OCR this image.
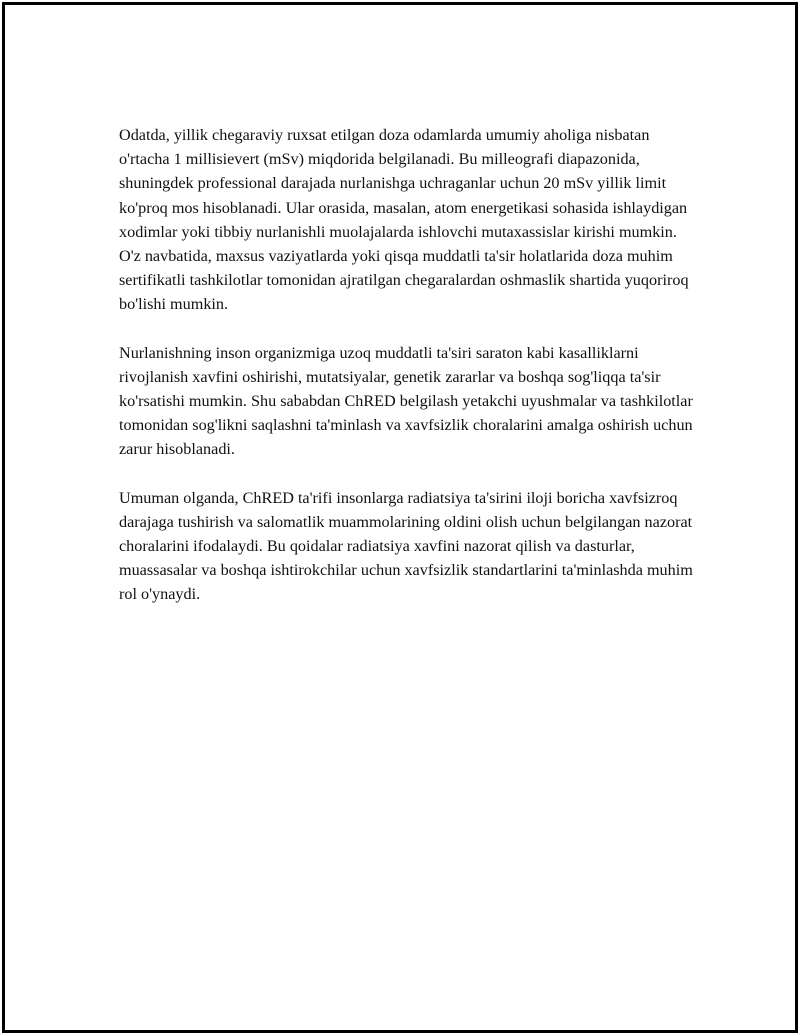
Odatda, yillik chegaraviy ruxsat etilgan doza odamlarda umumiy aholiga nisbatan o'rtacha 1 millisievert (mSv) miqdorida belgilanadi. Bu milleografi diapazonida, shuningdek professional darajada nurlanishga uchraganlar uchun 20 mSv yillik limit ko'proq mos hisoblanadi. Ular orasida, masalan, atom energetikasi sohasida ishlaydigan xodimlar yoki tibbiy nurlanishli muolajalarda ishlovchi mutaxassislar kirishi mumkin. O'z navbatida, maxsus vaziyatlarda yoki qisqa muddatli ta'sir holatlarida doza muhim sertifikatli tashkilotlar tomonidan ajratilgan chegaralardan oshmaslik shartida yuqoriroq bo'lishi mumkin.

Nurlanishning inson organizmiga uzoq muddatli ta'siri saraton kabi kasalliklarni rivojlanish xavfini oshirishi, mutatsiyalar, genetik zararlar va boshqa sog'liqqa ta'sir ko'rsatishi mumkin. Shu sababdan ChRED belgilash yetakchi uyushmalar va tashkilotlar tomonidan sog'likni saqlashni ta'minlash va xavfsizlik choralarini amalga oshirish uchun zarur hisoblanadi.

Umuman olganda, ChRED ta'rifi insonlarga radiatsiya ta'sirini iloji boricha xavfsizroq darajaga tushirish va salomatlik muammolarining oldini olish uchun belgilangan nazorat choralarini ifodalaydi. Bu qoidalar radiatsiya xavfini nazorat qilish va dasturlar, muassasalar va boshqa ishtirokchilar uchun xavfsizlik standartlarini ta'minlashda muhim rol o'ynaydi.
